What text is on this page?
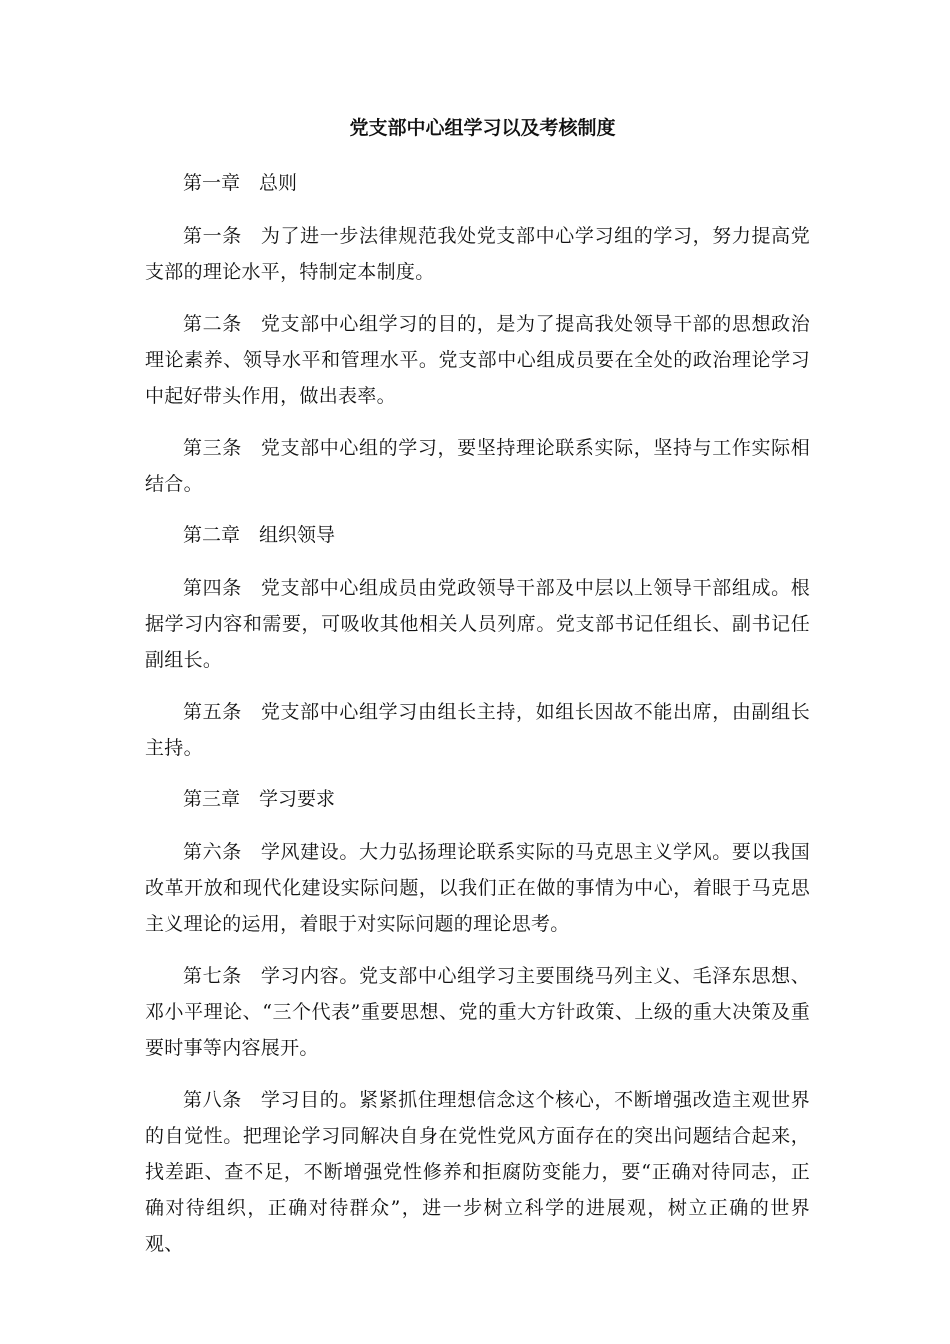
党支部中心组学习以及考核制度
第一章 总则
第一条 为了进一步法律规范我处党支部中心学习组的学习，努力提高党支部的理论水平，特制定本制度。
第二条 党支部中心组学习的目的，是为了提高我处领导干部的思想政治理论素养、领导水平和管理水平。党支部中心组成员要在全处的政治理论学习中起好带头作用，做出表率。
第三条 党支部中心组的学习，要坚持理论联系实际，坚持与工作实际相结合。
第二章 组织领导
第四条 党支部中心组成员由党政领导干部及中层以上领导干部组成。根据学习内容和需要，可吸收其他相关人员列席。党支部书记任组长、副书记任副组长。
第五条 党支部中心组学习由组长主持，如组长因故不能出席，由副组长主持。
第三章 学习要求
第六条 学风建设。大力弘扬理论联系实际的马克思主义学风。要以我国改革开放和现代化建设实际问题，以我们正在做的事情为中心，着眼于马克思主义理论的运用，着眼于对实际问题的理论思考。
第七条 学习内容。党支部中心组学习主要围绕马列主义、毛泽东思想、邓小平理论、“三个代表”重要思想、党的重大方针政策、上级的重大决策及重要时事等内容展开。
第八条 学习目的。紧紧抓住理想信念这个核心，不断增强改造主观世界的自觉性。把理论学习同解决自身在党性党风方面存在的突出问题结合起来，找差距、查不足，不断增强党性修养和拒腐防变能力，要“正确对待同志，正确对待组织，正确对待群众”，进一步树立科学的进展观，树立正确的世界观、
